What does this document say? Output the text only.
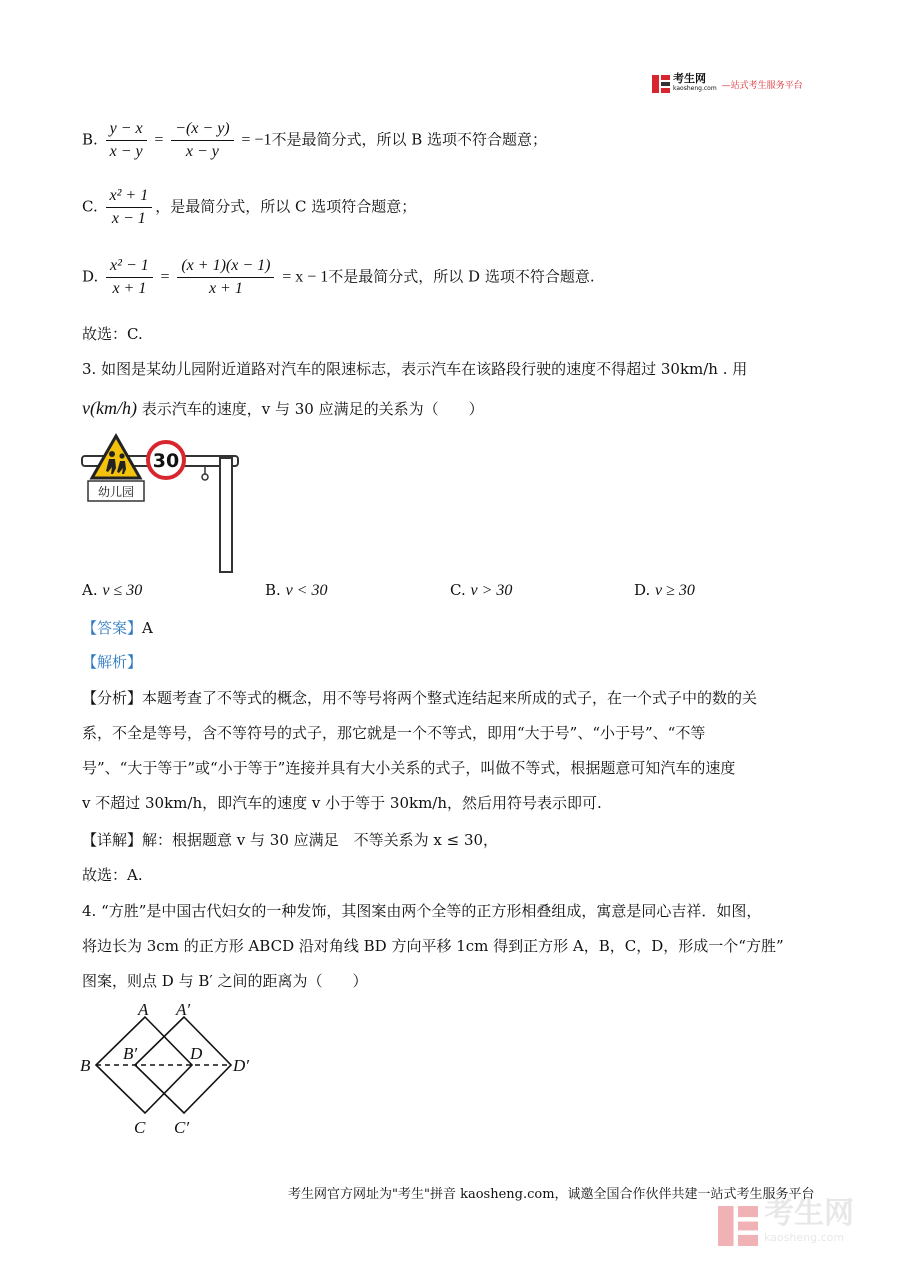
考生网
kaosheng.com —站式考生服务平台
B. $\frac{y - x}{x - y} = \frac{-(x - y)}{x - y} = -1$不是最简分式，所以 B 选项不符合题意；
C. $\frac{\text{x² + 1}}{x - 1}$ ，是最简分式，所以 C 选项符合题意；
D. $\frac{\text{x² − 1}}{x + 1} = \frac{(x + 1)(x - 1)}{x + 1} = x - 1$不是最简分式，所以 D 选项不符合题意.
故选：C.
3. 如图是某幼儿园附近道路对汽车的限速标志，表示汽车在该路段行驶的速度不得超过 30km/h . 用
v(km/h) 表示汽车的速度，v 与 30 应满足的关系为（　　）
30
幼儿园
A. v ≤ 30	B. v < 30	C. v > 30	D. v ≥ 30
【答案】A
【解析】
【分析】本题考查了不等式的概念，用不等号将两个整式连结起来所成的式子，在一个式子中的数的关
系，不全是等号，含不等符号的式子，那它就是一个不等式，即用“大于号”、“小于号”、“不等
号”、“大于等于”或“小于等于”连接并具有大小关系的式子，叫做不等式，根据题意可知汽车的速度
v 不超过 30km/h，即汽车的速度 v 小于等于 30km/h，然后用符号表示即可.
【详解】解：根据题意 v 与 30 应满足　不等关系为 x ≤ 30，
故选：A.
4. “方胜”是中国古代妇女的一种发饰，其图案由两个全等的正方形相叠组成，寓意是同心吉祥．如图，
将边长为 3cm 的正方形 ABCD 沿对角线 BD 方向平移 1cm 得到正方形 A，B，C，D，形成一个“方胜”
图案，则点 D 与 B′ 之间的距离为（　　）
A A′
B
B′	D
D′
C C′
考生网官方网址为"考生"拼音 kaosheng.com，诚邀全国合作伙伴共建一站式考生服务平台
考生网
kaosheng.com
